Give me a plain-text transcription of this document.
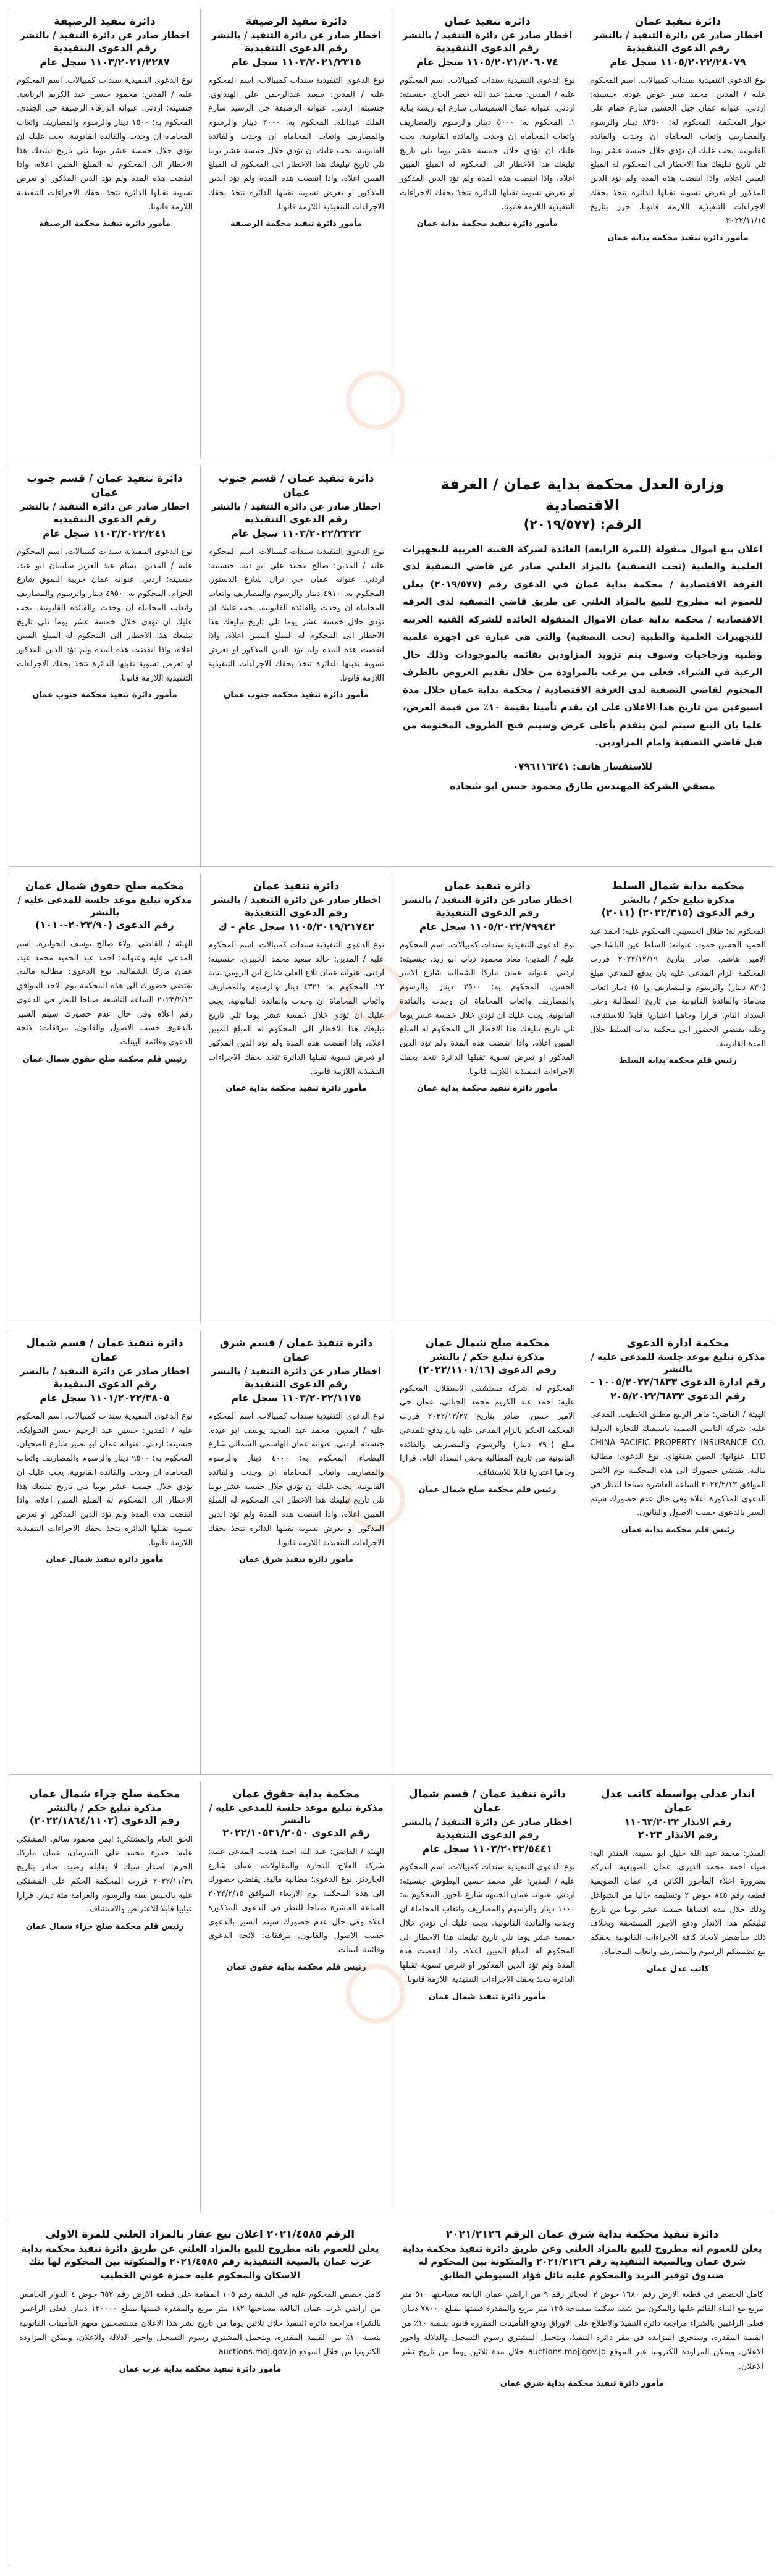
دائرة تنفيذ عمان
اخطار صادر عن دائرة التنفيذ / بالنشر
رقم الدعوى التنفيذية ١١٠٥/٢٠٢٢/٢٨٠٧٩ سجل عام
نوع الدعوى التنفيذية سندات كمبيالات. اسم المحكوم عليه / المدين: محمد منير عوض عوده. جنسيته: اردني. عنوانه عمان جبل الحسين شارع حمام علي جوار المحكمة. المحكوم له: ٨٣٥٠٠ دينار والرسوم والمصاريف واتعاب المحاماة ان وجدت والفائدة القانونية. يجب عليك ان تؤدي خلال خمسة عشر يوما تلي تاريخ تبليغك هذا الاخطار الى المحكوم له المبلغ المبين اعلاه، واذا انقضت هذه المدة ولم تؤد الدين المذكور او تعرض تسوية تقبلها الدائرة تتخذ بحقك الاجراءات التنفيذية اللازمة قانونا. حرر بتاريخ ٢٠٢٢/١١/١٥
مأمور دائرة تنفيذ محكمة بداية عمان
دائرة تنفيذ عمان
اخطار صادر عن دائرة التنفيذ / بالنشر
رقم الدعوى التنفيذية ١١٠٥/٢٠٢١/٢٠٦٠٧٤ سجل عام
نوع الدعوى التنفيذية سندات كمبيالات. اسم المحكوم عليه / المدين: محمد عبد الله خضر الحاج. جنسيته: اردني. عنوانه عمان الشميساني شارع ابو ريشة بناية ١. المحكوم به: ٥٠٠٠ دينار والرسوم والمصاريف واتعاب المحاماة ان وجدت والفائدة القانونية. يجب عليك ان تؤدي خلال خمسة عشر يوما تلي تاريخ تبليغك هذا الاخطار الى المحكوم له المبلغ المبين اعلاه، واذا انقضت هذه المدة ولم تؤد الدين المذكور او تعرض تسوية تقبلها الدائرة تتخذ بحقك الاجراءات التنفيذية اللازمة قانونا.
مأمور دائرة تنفيذ محكمة بداية عمان
دائرة تنفيذ الرصيفة
اخطار صادر عن دائرة التنفيذ / بالنشر
رقم الدعوى التنفيذية ١١٠٣/٢٠٢١/٢٣١٥ سجل عام
نوع الدعوى التنفيذية سندات كمبيالات. اسم المحكوم عليه / المدين: سعيد عبدالرحمن علي الهنداوي. جنسيته: اردني. عنوانه الرصيفة حي الرشيد شارع الملك عبدالله. المحكوم به: ٢٠٠٠ دينار والرسوم والمصاريف واتعاب المحاماة ان وجدت والفائدة القانونية. يجب عليك ان تؤدي خلال خمسة عشر يوما تلي تاريخ تبليغك هذا الاخطار الى المحكوم له المبلغ المبين اعلاه، واذا انقضت هذه المدة ولم تؤد الدين المذكور او تعرض تسوية تقبلها الدائرة تتخذ بحقك الاجراءات التنفيذية اللازمة قانونا.
مأمور دائرة تنفيذ محكمة الرصيفة
دائرة تنفيذ الرصيفة
اخطار صادر عن دائرة التنفيذ / بالنشر
رقم الدعوى التنفيذية ١١٠٣/٢٠٢١/٢٢٨٧ سجل عام
نوع الدعوى التنفيذية سندات كمبيالات. اسم المحكوم عليه / المدين: محمود حسين عبد الكريم الربابعة. جنسيته: اردني. عنوانه الزرقاء الرصيفة حي الجندي. المحكوم به: ١٥٠٠ دينار والرسوم والمصاريف واتعاب المحاماة ان وجدت والفائدة القانونية. يجب عليك ان تؤدي خلال خمسة عشر يوما تلي تاريخ تبليغك هذا الاخطار الى المحكوم له المبلغ المبين اعلاه، واذا انقضت هذه المدة ولم تؤد الدين المذكور او تعرض تسوية تقبلها الدائرة تتخذ بحقك الاجراءات التنفيذية اللازمة قانونا.
مأمور دائرة تنفيذ محكمة الرصيفة
وزارة العدل محكمة بداية عمان / الغرفة الاقتصادية
الرقم: (٢٠١٩/٥٧٧)
اعلان بيع اموال منقولة (للمرة الرابعة) العائدة لشركة الفنية العربية للتجهيزات العلمية والطبية (تحت التصفية) بالمزاد العلني صادر عن قاضي التصفية لدى الغرفة الاقتصادية / محكمة بداية عمان في الدعوى رقم (٢٠١٩/٥٧٧) يعلن للعموم انه مطروح للبيع بالمزاد العلني عن طريق قاضي التصفية لدى الغرفة الاقتصادية / محكمة بداية عمان الاموال المنقولة العائدة للشركة الفنية العربية للتجهيزات العلمية والطبية (تحت التصفية) والتي هي عبارة عن اجهزة علمية وطبية وزجاجيات وسوف يتم تزويد المزاودين بقائمة بالموجودات وذلك حال الرغبة في الشراء. فعلى من يرغب بالمزاودة من خلال تقديم العروض بالظرف المختوم لقاضي التصفية لدى الغرفة الاقتصادية / محكمة بداية عمان خلال مدة اسبوعين من تاريخ هذا الاعلان على ان يقدم تأمينا بقيمة ١٠٪ من قيمة العرض، علما بان البيع سيتم لمن يتقدم بأعلى عرض وسيتم فتح الظروف المختومة من قبل قاضي التصفية وامام المزاودين.
للاستفسار هاتف: ٠٧٩٦١١٦٢٤١
مصفي الشركة المهندس طارق محمود حسن ابو شجاده
دائرة تنفيذ عمان / قسم جنوب عمان
اخطار صادر عن دائرة التنفيذ / بالنشر
رقم الدعوى التنفيذية ١١٠٣/٢٠٢٢/٢٣٢٢ سجل عام
نوع الدعوى التنفيذية سندات كمبيالات. اسم المحكوم عليه / المدين: صالح محمد علي ابو ديه. جنسيته: اردني. عنوانه عمان حي نزال شارع الدستور. المحكوم به: ٤٩١٠ دينار والرسوم والمصاريف واتعاب المحاماة ان وجدت والفائدة القانونية. يجب عليك ان تؤدي خلال خمسة عشر يوما تلي تاريخ تبليغك هذا الاخطار الى المحكوم له المبلغ المبين اعلاه، واذا انقضت هذه المدة ولم تؤد الدين المذكور او تعرض تسوية تقبلها الدائرة تتخذ بحقك الاجراءات التنفيذية اللازمة قانونا.
مأمور دائرة تنفيذ محكمة جنوب عمان
دائرة تنفيذ عمان / قسم جنوب عمان
اخطار صادر عن دائرة التنفيذ / بالنشر
رقم الدعوى التنفيذية ١١٠٣/٢٠٢٢/٢٤١ سجل عام
نوع الدعوى التنفيذية سندات كمبيالات. اسم المحكوم عليه / المدين: بسام عبد العزيز سليمان ابو عيد. جنسيته: اردني. عنوانه عمان خريبة السوق شارع الحزام. المحكوم به: ٤٩٥٠ دينار والرسوم والمصاريف واتعاب المحاماة ان وجدت والفائدة القانونية. يجب عليك ان تؤدي خلال خمسة عشر يوما تلي تاريخ تبليغك هذا الاخطار الى المحكوم له المبلغ المبين اعلاه، واذا انقضت هذه المدة ولم تؤد الدين المذكور او تعرض تسوية تقبلها الدائرة تتخذ بحقك الاجراءات التنفيذية اللازمة قانونا.
مأمور دائرة تنفيذ محكمة جنوب عمان
محكمة بداية شمال السلط
مذكرة تبليغ حكم / بالنشر
رقم الدعوى (٢٠٢٢/٣١٥) (٢٠١١)
المحكوم له: طلال الحسيني. المحكوم عليه: احمد عبد الحميد الحسن حمود. عنوانه: السلط عين الباشا حي الامير هاشم. صادر بتاريخ ٢٠٢٢/١٢/١٩ قررت المحكمة الزام المدعى عليه بان يدفع للمدعي مبلغ (٨٣٠ دينار) والرسوم والمصاريف و(٥٠) دينار اتعاب محاماة والفائدة القانونية من تاريخ المطالبة وحتى السداد التام. قرارا وجاهيا اعتباريا قابلا للاستئناف، وعليه يقتضي الحضور الى محكمة بداية السلط خلال المدة القانونية.
رئيس قلم محكمة بداية السلط
دائرة تنفيذ عمان
اخطار صادر عن دائرة التنفيذ / بالنشر
رقم الدعوى التنفيذية ١١٠٥/٢٠٢٢/٧٩٩٤٢ سجل عام
نوع الدعوى التنفيذية سندات كمبيالات. اسم المحكوم عليه / المدين: معاذ محمود ذياب ابو زيد. جنسيته: اردني. عنوانه عمان ماركا الشمالية شارع الامير الحسن. المحكوم به: ٢٥٠٠ دينار والرسوم والمصاريف واتعاب المحاماة ان وجدت والفائدة القانونية. يجب عليك ان تؤدي خلال خمسة عشر يوما تلي تاريخ تبليغك هذا الاخطار الى المحكوم له المبلغ المبين اعلاه، واذا انقضت هذه المدة ولم تؤد الدين المذكور او تعرض تسوية تقبلها الدائرة تتخذ بحقك الاجراءات التنفيذية اللازمة قانونا.
مأمور دائرة تنفيذ محكمة بداية عمان
دائرة تنفيذ عمان
اخطار صادر عن دائرة التنفيذ / بالنشر
رقم الدعوى التنفيذية ١١٠٥/٢٠١٩/٢١٧٤٢ سجل عام - ك
نوع الدعوى التنفيذية سندات كمبيالات. اسم المحكوم عليه / المدين: خالد سعيد محمد الخبيري. جنسيته: اردني. عنوانه عمان تلاع العلي شارع ابن الرومي بناية ٢٢. المحكوم به: ٤٣٢١ دينار والرسوم والمصاريف واتعاب المحاماة ان وجدت والفائدة القانونية. يجب عليك ان تؤدي خلال خمسة عشر يوما تلي تاريخ تبليغك هذا الاخطار الى المحكوم له المبلغ المبين اعلاه، واذا انقضت هذه المدة ولم تؤد الدين المذكور او تعرض تسوية تقبلها الدائرة تتخذ بحقك الاجراءات التنفيذية اللازمة قانونا.
مأمور دائرة تنفيذ محكمة بداية عمان
محكمة صلح حقوق شمال عمان
مذكرة تبليغ موعد جلسة للمدعى عليه / بالنشر
رقم الدعوى (٢٠٢٣/٩٠-١٠١٠)
الهيئة / القاضي: ولاء صالح يوسف الجوابرة. اسم المدعى عليه وعنوانه: احمد عبد الحميد محمد عيد، عمان ماركا الشمالية. نوع الدعوى: مطالبة مالية. يقتضي حضورك الى هذه المحكمة يوم الاحد الموافق ٢٠٢٣/٢/١٢ الساعة التاسعة صباحا للنظر في الدعوى رقم اعلاه وفي حال عدم حضورك سيتم السير بالدعوى حسب الاصول والقانون. مرفقات: لائحة الدعوى وقائمة البينات.
رئيس قلم محكمة صلح حقوق شمال عمان
محكمة ادارة الدعوى
مذكرة تبليغ موعد جلسة للمدعى عليه / بالنشر
رقم ادارة الدعوى ١٠٠٥/٢٠٢٢/٦٨٣٣ - رقم الدعوى ٢٠٥/٢٠٢٢/٦٨٣٣
الهيئة / القاضي: ماهر الربيع مطلق الخطيب. المدعى عليه: شركة التامين الصينية باسيفيك للتجارة الدولية CHINA PACIFIC PROPERTY INSURANCE CO. LTD. عنوانها: الصين شنغهاي. نوع الدعوى: مطالبة مالية. يقتضي حضورك الى هذه المحكمة يوم الاثنين الموافق ٢٠٢٣/٢/١٣ الساعة العاشرة صباحا للنظر في الدعوى المذكورة اعلاه وفي حال عدم حضورك سيتم السير بالدعوى حسب الاصول والقانون.
رئيس قلم محكمة بداية عمان
محكمة صلح شمال عمان
مذكرة تبليغ حكم / بالنشر
رقم الدعوى (٢٠٢٢/١١٠١/١٦)
المحكوم له: شركة مستشفى الاستقلال. المحكوم عليه: احمد عبد الكريم محمد الجبالي، عمان حي الامير حسن. صادر بتاريخ ٢٠٢٢/١٢/٢٧ قررت المحكمة الحكم بالزام المدعى عليه بان يدفع للمدعي مبلغ (٧٩٠ دينار) والرسوم والمصاريف والفائدة القانونية من تاريخ المطالبة وحتى السداد التام. قرارا وجاهيا اعتباريا قابلا للاستئناف.
رئيس قلم محكمة صلح شمال عمان
دائرة تنفيذ عمان / قسم شرق عمان
اخطار صادر عن دائرة التنفيذ / بالنشر
رقم الدعوى التنفيذية ١١٠٣/٢٠٢٢/١١٧٥ سجل عام
نوع الدعوى التنفيذية سندات كمبيالات. اسم المحكوم عليه / المدين: محمد عبد المجيد يوسف ابو عيده. جنسيته: اردني. عنوانه عمان الهاشمي الشمالي شارع البطحاء. المحكوم به: ٤٠٠٠ دينار والرسوم والمصاريف واتعاب المحاماة ان وجدت والفائدة القانونية. يجب عليك ان تؤدي خلال خمسة عشر يوما تلي تاريخ تبليغك هذا الاخطار الى المحكوم له المبلغ المبين اعلاه، واذا انقضت هذه المدة ولم تؤد الدين المذكور او تعرض تسوية تقبلها الدائرة تتخذ بحقك الاجراءات التنفيذية اللازمة قانونا.
مأمور دائرة تنفيذ شرق عمان
دائرة تنفيذ عمان / قسم شمال عمان
اخطار صادر عن دائرة التنفيذ / بالنشر
رقم الدعوى التنفيذية ١١٠١/٢٠٢٢/٣٨٠٥ سجل عام
نوع الدعوى التنفيذية سندات كمبيالات. اسم المحكوم عليه / المدين: حسين عبد الرحيم حسن الشوابكة. جنسيته: اردني. عنوانه عمان ابو نصير شارع الضحيان. المحكوم به: ٩٥٠٠ دينار والرسوم والمصاريف واتعاب المحاماة ان وجدت والفائدة القانونية. يجب عليك ان تؤدي خلال خمسة عشر يوما تلي تاريخ تبليغك هذا الاخطار الى المحكوم له المبلغ المبين اعلاه، واذا انقضت هذه المدة ولم تؤد الدين المذكور او تعرض تسوية تقبلها الدائرة تتخذ بحقك الاجراءات التنفيذية اللازمة قانونا.
مأمور دائرة تنفيذ شمال عمان
انذار عدلي بواسطة كاتب عدل عمان
رقم الانذار ١١٠٦٣/٢٠٢٢
رقم الانذار ٢٠٢٣
المنذر: محمد عبد الله خليل ابو سنينة. المنذر اليه: ضياء احمد محمد الديري، عمان الصويفية. انذركم بضرورة اخلاء المأجور الكائن في عمان الصويفية قطعة رقم ٨٤٥ حوض ٢ وتسليمه خاليا من الشواغل وذلك خلال مدة اقصاها خمسة عشر يوما من تاريخ تبليغكم هذا الانذار ودفع الاجور المستحقة وبخلاف ذلك سأضطر لاتخاذ كافة الاجراءات القانونية بحقكم مع تضمينكم الرسوم والمصاريف واتعاب المحاماة.
كاتب عدل عمان
دائرة تنفيذ عمان / قسم شمال عمان
اخطار صادر عن دائرة التنفيذ / بالنشر
رقم الدعوى التنفيذية ١١٠٣/٢٠٢٢/٥٤٤١ سجل عام
نوع الدعوى التنفيذية سندات كمبيالات. اسم المحكوم عليه / المدين: علي محمد حسين البطوش. جنسيته: اردني. عنوانه عمان الجبيهة شارع ياجوز. المحكوم به: ١٠٠٠ دينار والرسوم والمصاريف واتعاب المحاماة ان وجدت والفائدة القانونية. يجب عليك ان تؤدي خلال خمسة عشر يوما تلي تاريخ تبليغك هذا الاخطار الى المحكوم له المبلغ المبين اعلاه، واذا انقضت هذه المدة ولم تؤد الدين المذكور او تعرض تسوية تقبلها الدائرة تتخذ بحقك الاجراءات التنفيذية اللازمة قانونا.
مأمور دائرة تنفيذ شمال عمان
محكمة بداية حقوق عمان
مذكرة تبليغ موعد جلسة للمدعى عليه / بالنشر
رقم الدعوى ٢٠٢٢/١٠٥٣١/٢٠٥٠
الهيئة / القاضي: عبد الله احمد هديب. المدعى عليه: شركة الفلاح للتجارة والمقاولات، عمان شارع الجاردنز. نوع الدعوى: مطالبة مالية. يقتضي حضورك الى هذه المحكمة يوم الاربعاء الموافق ٢٠٢٣/٢/١٥ الساعة العاشرة صباحا للنظر في الدعوى المذكورة اعلاه وفي حال عدم حضورك سيتم السير بالدعوى حسب الاصول والقانون. مرفقات: لائحة الدعوى وقائمة البينات.
رئيس قلم محكمة بداية حقوق عمان
محكمة صلح جزاء شمال عمان
مذكرة تبليغ حكم / بالنشر
رقم الدعوى (٢٠٢٢/١٨٦٤/١١٠٢)
الحق العام والمشتكي: ايمن محمود سالم. المشتكى عليه: حمزة محمد علي الشرمان، عمان ماركا. الجرم: اصدار شيك لا يقابله رصيد. صادر بتاريخ ٢٠٢٢/١١/٢٩ قررت المحكمة الحكم على المشتكى عليه بالحبس سنة والرسوم والغرامة مئة دينار، قرارا غيابيا قابلا للاعتراض والاستئناف.
رئيس قلم محكمة صلح جزاء شمال عمان
دائرة تنفيذ محكمة بداية شرق عمان الرقم ٢٠٢١/٢١٢٦
يعلن للعموم انه مطروح للبيع بالمزاد العلني وعن طريق دائرة تنفيذ محكمة بداية شرق عمان وبالصيغة التنفيذية رقم ٢٠٢١/٢١٢٦ والمتكونة بين المحكوم له صندوق توفير البريد والمحكوم عليه نائل فؤاد السيوطي الطابق
كامل الحصص في قطعة الارض رقم ١٦٨٠ حوض ٢ العجائز رقم ٩ من اراضي عمان البالغة مساحتها ٥١٠ متر مربع مع البناء القائم عليها والمكون من شقة سكنية بمساحة ١٣٥ متر مربع والمقدرة قيمتها بمبلغ ٧٨٠٠٠ دينار. فعلى الراغبين بالشراء مراجعة دائرة التنفيذ والاطلاع على الاوراق ودفع التأمينات المقررة قانونا بنسبة ١٠٪ من القيمة المقدرة، وستجري المزايدة في مقر دائرة التنفيذ، ويتحمل المشتري رسوم التسجيل والدلالة واجور الاعلان. ويمكن المزاودة الكترونيا عبر الموقع auctions.moj.gov.jo خلال مدة ثلاثين يوما من تاريخ نشر الاعلان.
مأمور دائرة تنفيذ محكمة بداية شرق عمان
الرقم ٢٠٢١/٤٥٨٥ اعلان بيع عقار بالمزاد العلني للمرة الاولى
يعلن للعموم بانه مطروح للبيع بالمزاد العلني عن طريق دائرة تنفيذ محكمة بداية غرب عمان بالصيغة التنفيذية رقم ٢٠٢١/٤٥٨٥ والمتكونة بين المحكوم لها بنك الاسكان والمحكوم عليه حمزة عوني الخطيب
كامل حصص المحكوم عليه في الشقة رقم ١٠٥ المقامة على قطعة الارض رقم ٦٥٢ حوض ٤ الدوار الخامس من اراضي غرب عمان البالغة مساحتها ١٨٢ متر مربع والمقدرة قيمتها بمبلغ ١٢٠٠٠٠ دينار. فعلى الراغبين بالشراء مراجعة دائرة التنفيذ خلال ثلاثين يوما من تاريخ نشر هذا الاعلان مستصحبين معهم التأمينات القانونية بنسبة ١٠٪ من القيمة المقدرة، ويتحمل المشتري رسوم التسجيل واجور الدلالة والاعلان، ويمكن المزاودة الكترونيا من خلال الموقع auctions.moj.gov.jo
مأمور دائرة تنفيذ محكمة بداية غرب عمان
